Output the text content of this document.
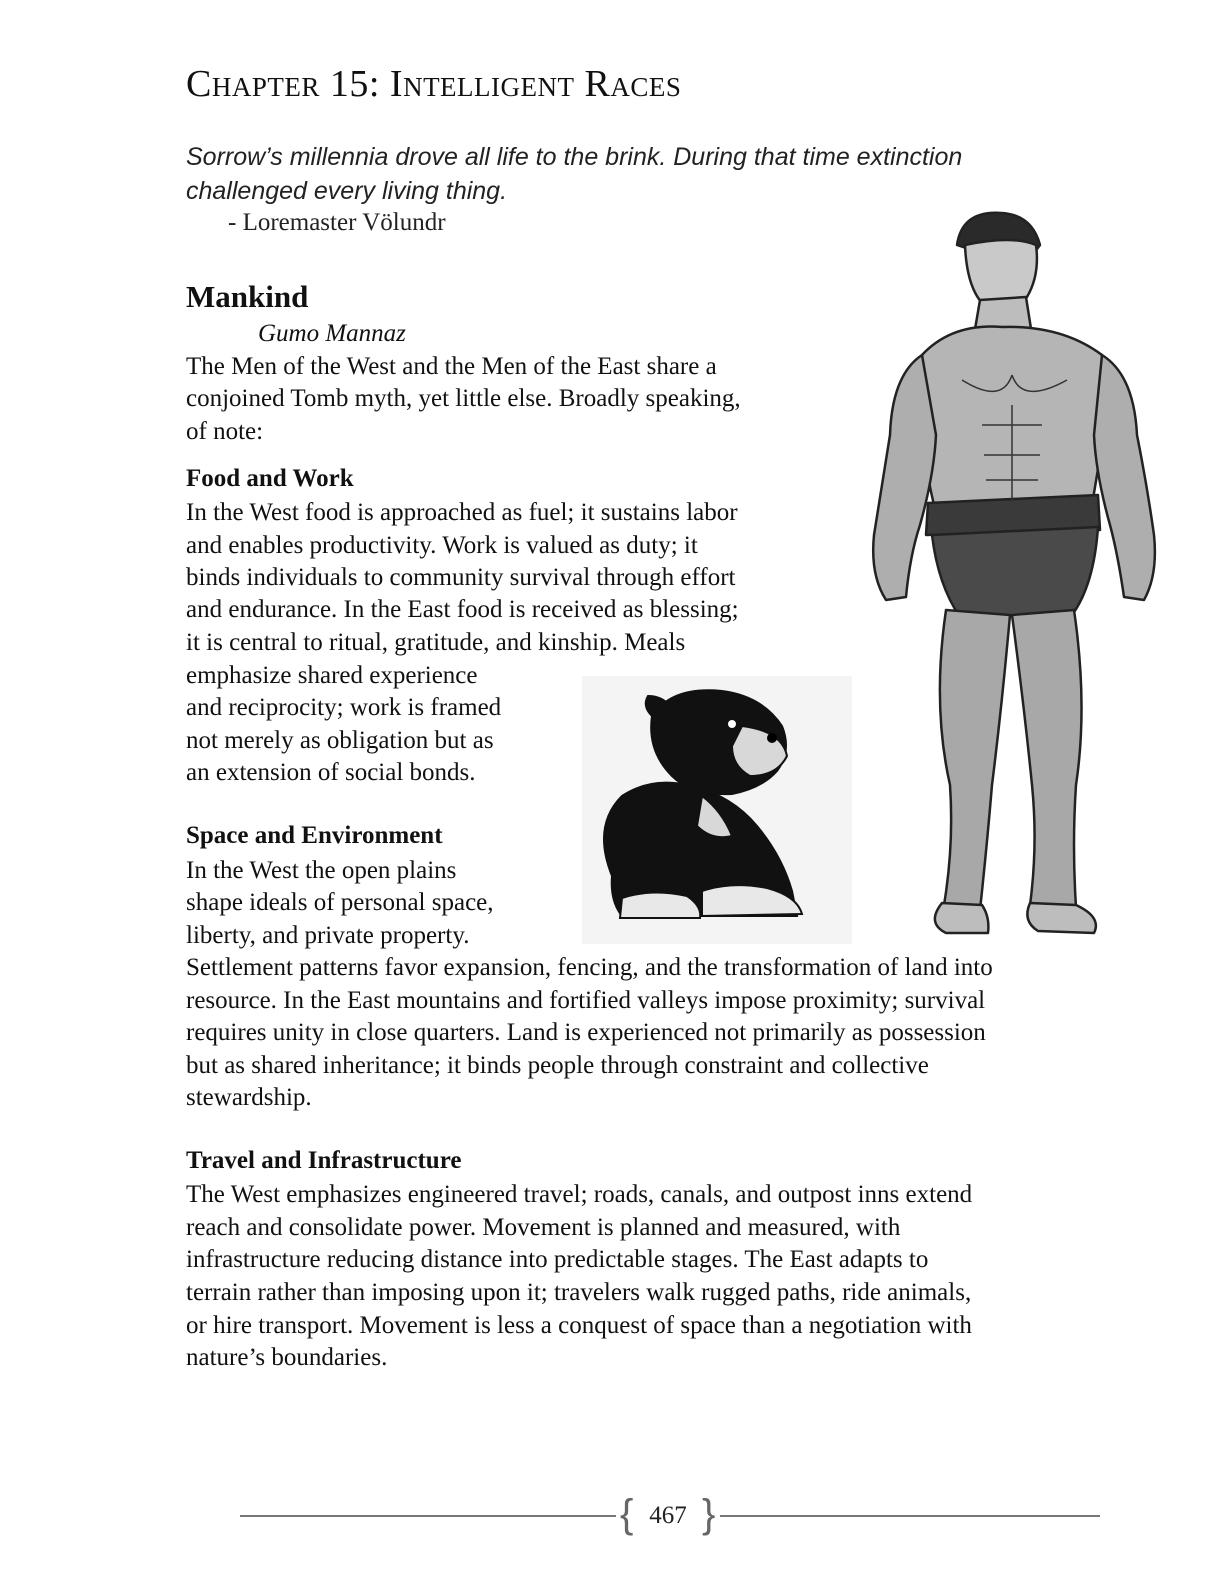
Chapter 15: Intelligent Races
Sorrow’s millennia drove all life to the brink. During that time extinction
challenged every living thing.
- Loremaster Völundr
Mankind
Gumo Mannaz
The Men of the West and the Men of the East share a
conjoined Tomb myth, yet little else. Broadly speaking,
of note:
Food and Work
In the West food is approached as fuel; it sustains labor
and enables productivity. Work is valued as duty; it
binds individuals to community survival through effort
and endurance. In the East food is received as blessing;
it is central to ritual, gratitude, and kinship. Meals
emphasize shared experience
and reciprocity; work is framed
not merely as obligation but as
an extension of social bonds.
Space and Environment
In the West the open plains
shape ideals of personal space,
liberty, and private property.
Settlement patterns favor expansion, fencing, and the transformation of land into
resource. In the East mountains and fortified valleys impose proximity; survival
requires unity in close quarters. Land is experienced not primarily as possession
but as shared inheritance; it binds people through constraint and collective
stewardship.
Travel and Infrastructure
The West emphasizes engineered travel; roads, canals, and outpost inns extend
reach and consolidate power. Movement is planned and measured, with
infrastructure reducing distance into predictable stages. The East adapts to
terrain rather than imposing upon it; travelers walk rugged paths, ride animals,
or hire transport. Movement is less a conquest of space than a negotiation with
nature’s boundaries.
{ }
467
